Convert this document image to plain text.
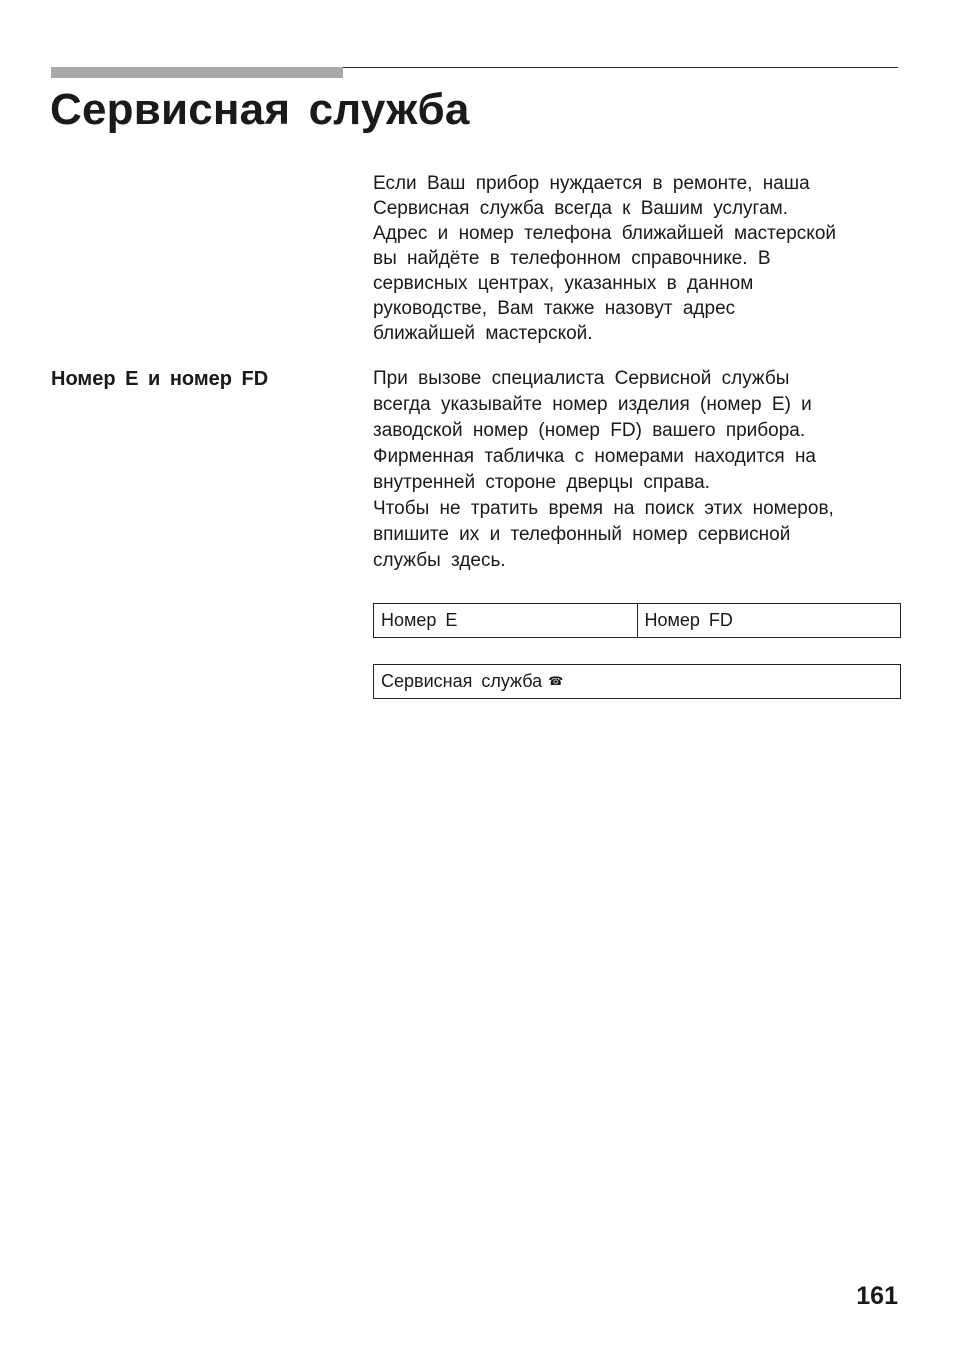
Сервисная служба
Если Ваш прибор нуждается в ремонте, наша
Сервисная служба всегда к Вашим услугам.
Адрес и номер телефона ближайшей мастерской
вы найдёте в телефонном справочнике. В
сервисных центрах, указанных в данном
руководстве, Вам также назовут адрес
ближайшей мастерской.
Номер E и номер FD	При вызове специалиста Сервисной службы
всегда указывайте номер изделия (номер E) и
заводской номер (номер FD) вашего прибора.
Фирменная табличка с номерами находится на
внутренней стороне дверцы справа.
Чтобы не тратить время на поиск этих номеров,
впишите их и телефонный номер сервисной
службы здесь.
Номер E	Номер FD
Сервисная служба ☎
161
